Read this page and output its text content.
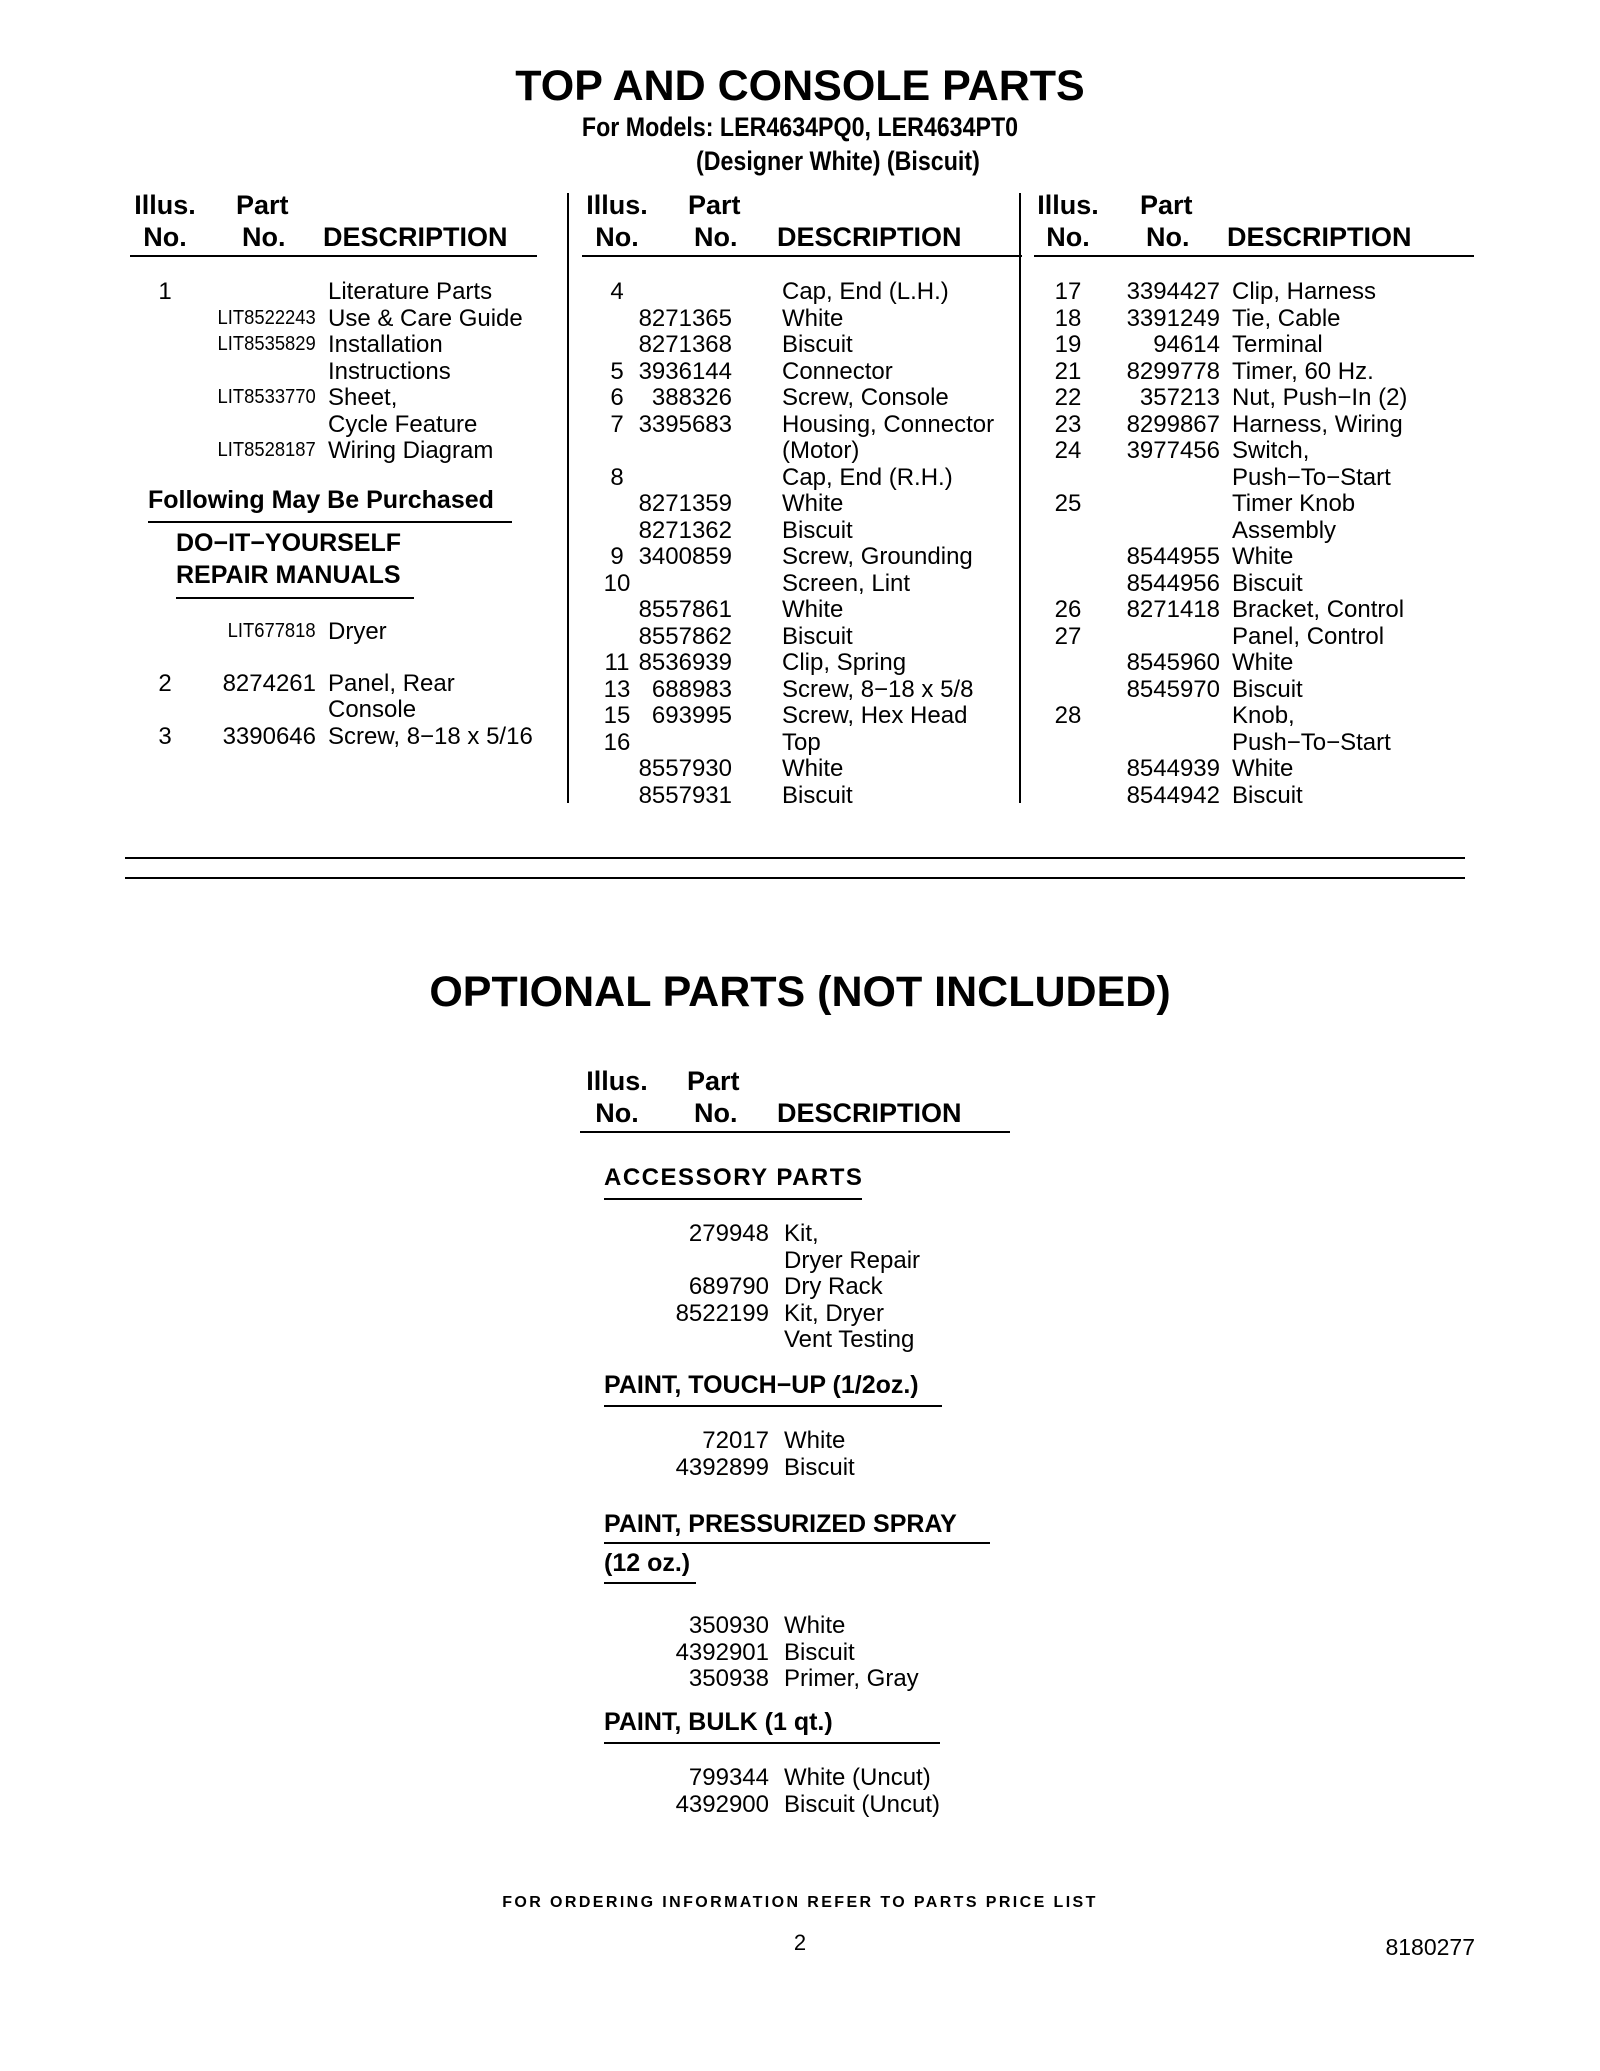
TOP AND CONSOLE PARTS
For Models: LER4634PQ0, LER4634PT0
(Designer White) (Biscuit)
Illus.
No.
Part
No. DESCRIPTION
1	Literature Parts
LIT8522243 Use & Care Guide
LIT8535829 Installation
Instructions
LIT8533770 Sheet,
Cycle Feature
LIT8528187 Wiring Diagram
Following May Be Purchased
DO−IT−YOURSELF
REPAIR MANUALS
LIT677818 Dryer
2	8274261 Panel, Rear
Console
3	3390646 Screw, 8−18 x 5/16
Illus.
No.
Part
No. DESCRIPTION
4	Cap, End (L.H.)
8271365 White
8271368 Biscuit
5 3936144 Connector
6	388326 Screw, Console
7 3395683 Housing, Connector
(Motor)
8	Cap, End (R.H.)
8271359 White
8271362 Biscuit
9 3400859 Screw, Grounding
10	Screen, Lint
8557861 White
8557862 Biscuit
11 8536939 Clip, Spring
13 688983 Screw, 8−18 x 5/8
15 693995 Screw, Hex Head
16	Top
8557930 White
8557931 Biscuit
Illus.
No.
Part
No. DESCRIPTION
17	3394427 Clip, Harness
18	3391249 Tie, Cable
19	94614 Terminal
21	8299778 Timer, 60 Hz.
22	357213 Nut, Push−In (2)
23	8299867 Harness, Wiring
24	3977456 Switch,
Push−To−Start
25	Timer Knob
Assembly
8544955 White
8544956 Biscuit
26	8271418 Bracket, Control
27	Panel, Control
8545960 White
8545970 Biscuit
28	Knob,
Push−To−Start
8544939 White
8544942 Biscuit
OPTIONAL PARTS (NOT INCLUDED)
Illus.
No.
Part
No. DESCRIPTION
ACCESSORY PARTS
279948 Kit,
Dryer Repair
689790 Dry Rack
8522199 Kit, Dryer
Vent Testing
PAINT, TOUCH−UP (1/2oz.)
72017 White
4392899 Biscuit
PAINT, PRESSURIZED SPRAY
(12 oz.)
350930 White
4392901 Biscuit
350938 Primer, Gray
PAINT, BULK (1 qt.)
799344 White (Uncut)
4392900 Biscuit (Uncut)
FOR ORDERING INFORMATION REFER TO PARTS PRICE LIST
2	8180277
